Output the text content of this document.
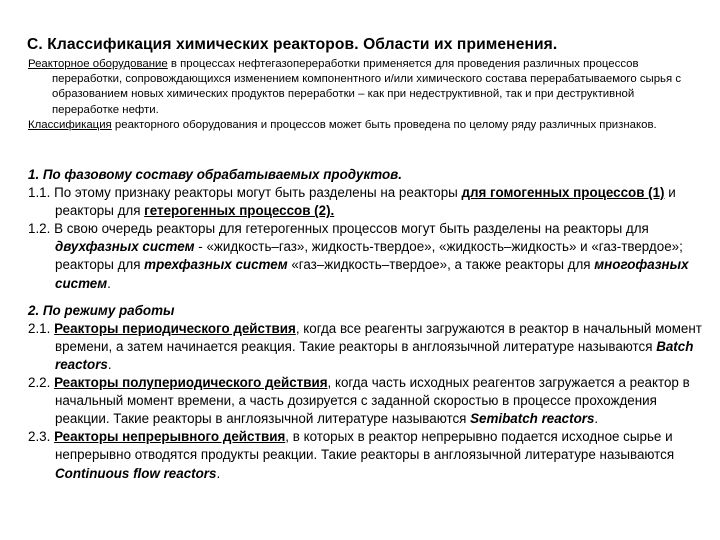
С. Классификация химических реакторов. Области их применения.

Реакторное оборудование в процессах нефтегазопереработки применяется для проведения различных процессов переработки, сопровождающихся изменением компонентного и/или химического состава перерабатываемого сырья с образованием новых химических продуктов переработки – как при недеструктивной, так и при деструктивной переработке нефти.

Классификация реакторного оборудования и процессов может быть проведена по целому ряду различных признаков.

1. По фазовому составу обрабатываемых продуктов.

1.1. По этому признаку реакторы могут быть разделены на реакторы для гомогенных процессов (1) и реакторы для гетерогенных процессов (2).

1.2. В свою очередь реакторы для гетерогенных процессов могут быть разделены на реакторы для двухфазных систем - «жидкость–газ», жидкость-твердое», «жидкость–жидкость» и «газ-твердое»; реакторы для трехфазных систем «газ–жидкость–твердое», а также реакторы для многофазных систем.

2. По режиму работы

2.1. Реакторы периодического действия, когда все реагенты загружаются в реактор в начальный момент времени, а затем начинается реакция. Такие реакторы в англоязычной литературе называются Batch reactors.

2.2. Реакторы полупериодического действия, когда часть исходных реагентов загружается а реактор в начальный момент времени, а часть дозируется с заданной скоростью в процессе прохождения реакции. Такие реакторы в англоязычной литературе называются Semibatch reactors.

2.3. Реакторы непрерывного действия, в которых в реактор непрерывно подается исходное сырье и непрерывно отводятся продукты реакции. Такие реакторы в англоязычной литературе называются Continuous flow reactors.
